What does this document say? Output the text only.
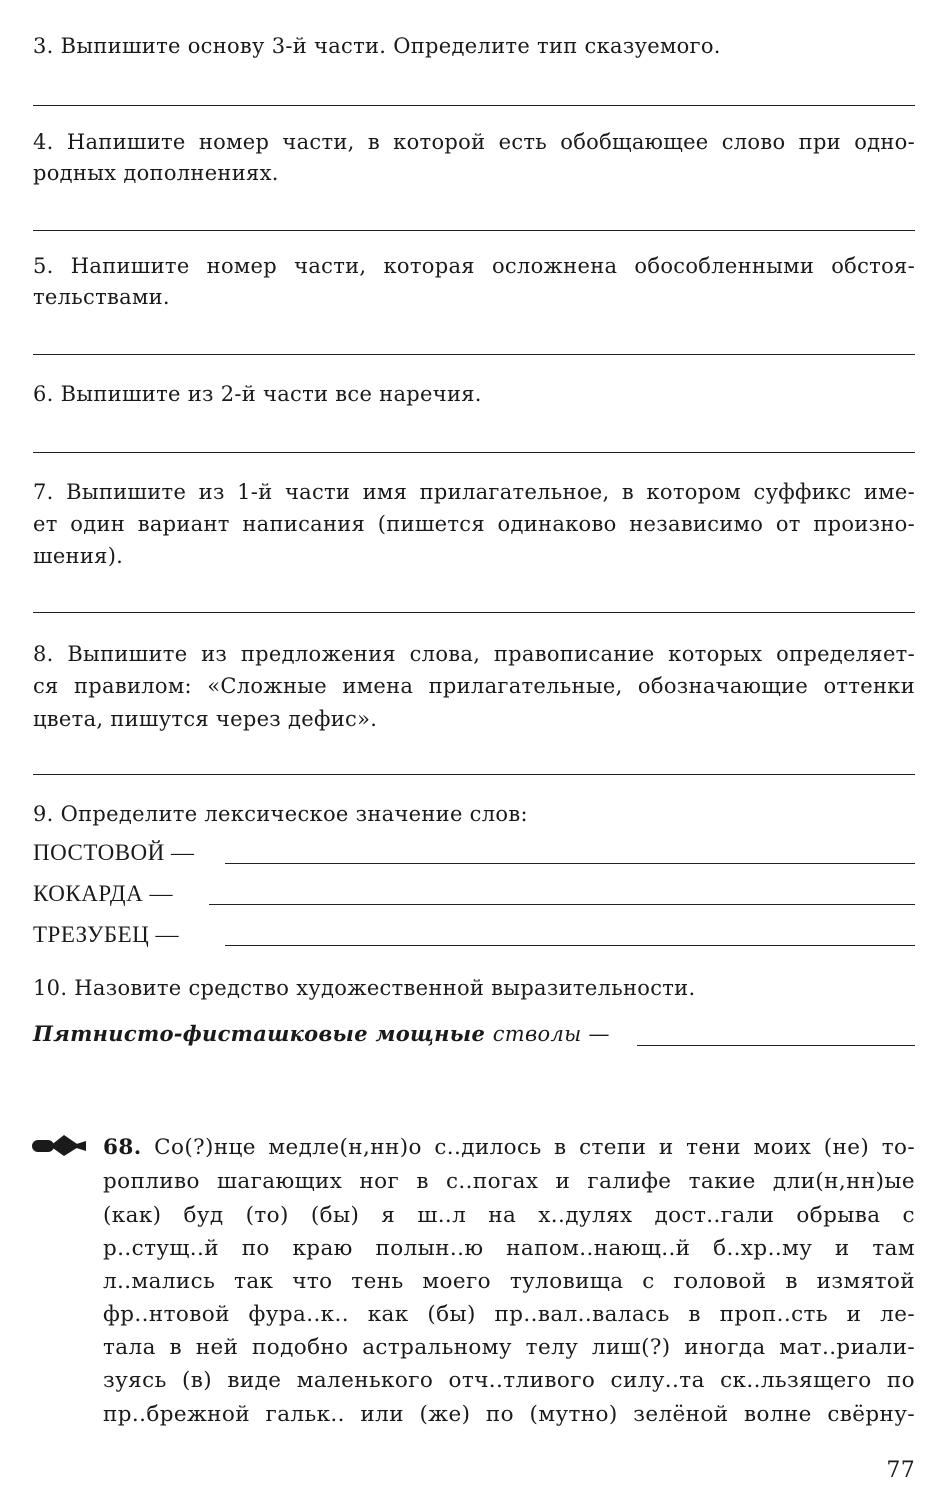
3. Выпишите основу 3-й части. Определите тип сказуемого.
4. Напишите номер части, в которой есть обобщающее слово при одно-
родных дополнениях.
5. Напишите номер части, которая осложнена обособленными обстоя-
тельствами.
6. Выпишите из 2-й части все наречия.
7. Выпишите из 1-й части имя прилагательное, в котором суффикс име-
ет один вариант написания (пишется одинаково независимо от произно-
шения).
8. Выпишите из предложения слова, правописание которых определяет-
ся правилом: «Сложные имена прилагательные, обозначающие оттенки
цвета, пишутся через дефис».
9. Определите лексическое значение слов:
ПОСТОВОЙ —
КОКАРДА —
ТРЕЗУБЕЦ —
10. Назовите средство художественной выразительности.
Пятнисто-фисташковые мощные стволы —
68. Со(?)нце медле(н,нн)о с..дилось в степи и тени моих (не) то-
ропливо шагающих ног в с..погах и галифе такие дли(н,нн)ые
(как) буд (то) (бы) я ш..л на х..дулях дост..гали обрыва с
р..стущ..й по краю полын..ю напом..нающ..й б..хр..му и там
л..мались так что тень моего туловища с головой в измятой
фр..нтовой фура..к.. как (бы) пр..вал..валась в проп..сть и ле-
тала в ней подобно астральному телу лиш(?) иногда мат..риали-
зуясь (в) виде маленького отч..тливого силу..та ск..льзящего по
пр..брежной гальк.. или (же) по (мутно) зелёной волне свёрну-
77
